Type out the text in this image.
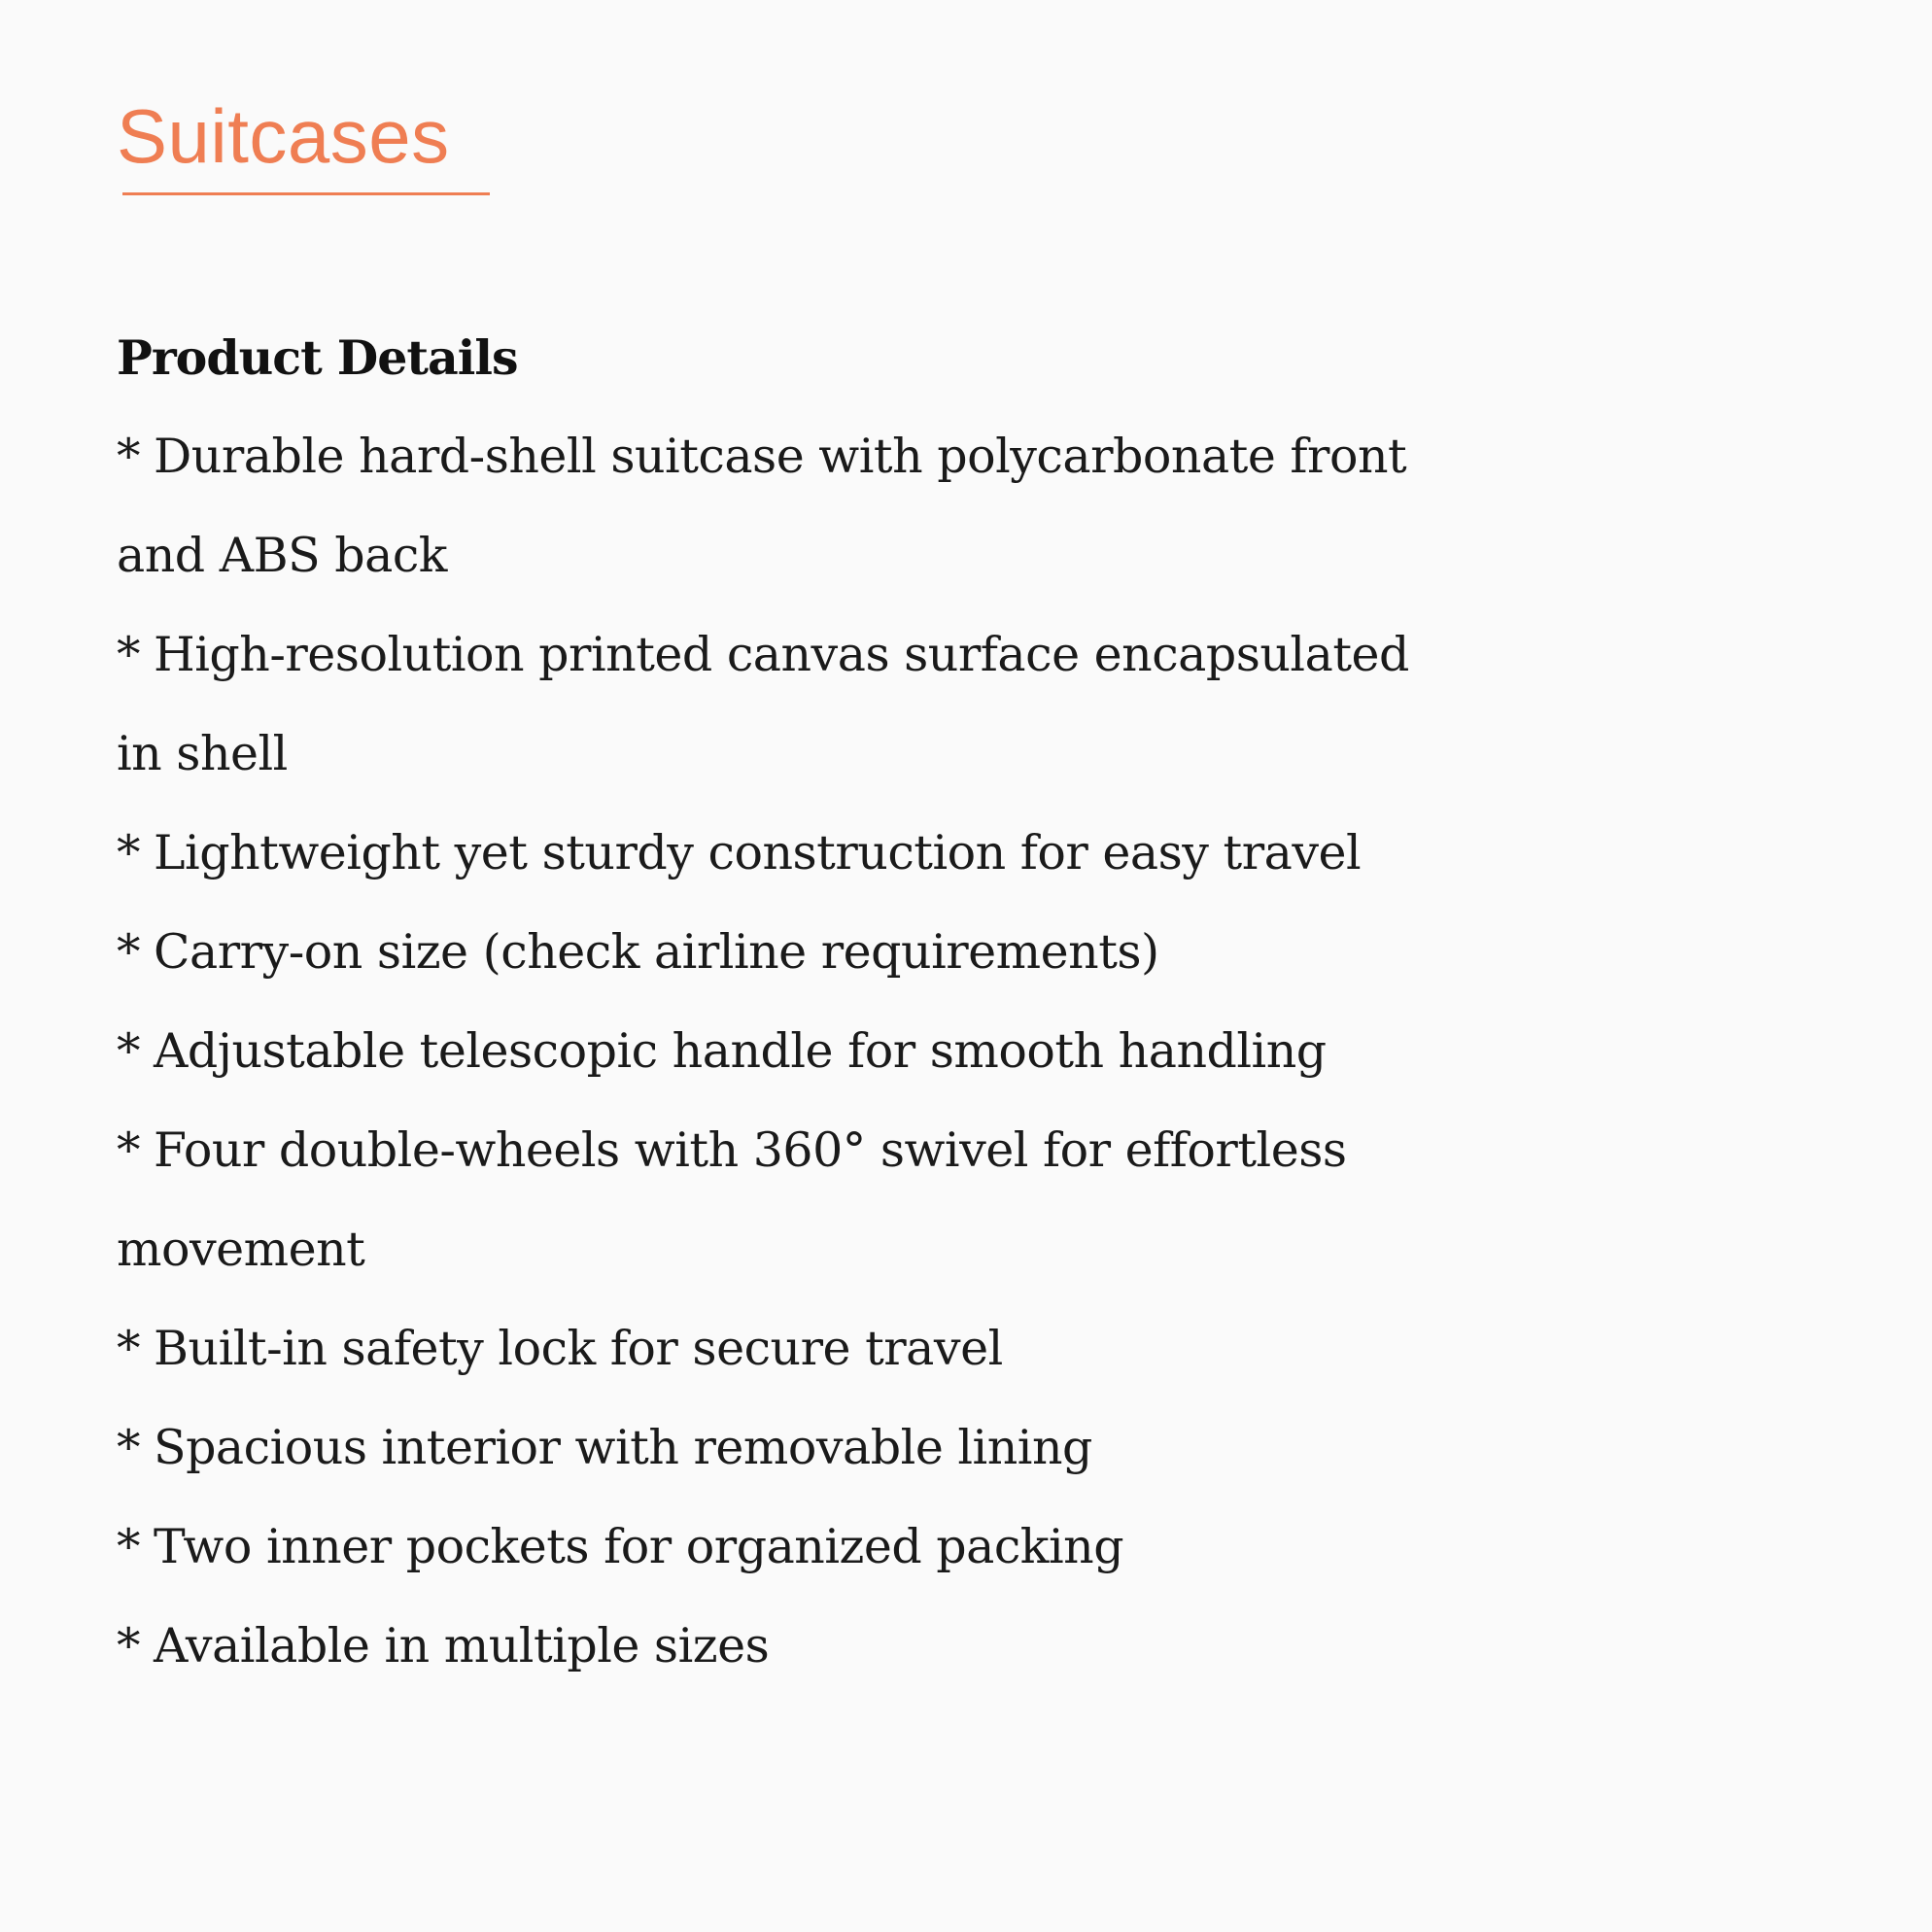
Suitcases
Product Details
* Durable hard-shell suitcase with polycarbonate front and ABS back
* High-resolution printed canvas surface encapsulated in shell
* Lightweight yet sturdy construction for easy travel
* Carry-on size (check airline requirements)
* Adjustable telescopic handle for smooth handling
* Four double-wheels with 360° swivel for effortless movement
* Built-in safety lock for secure travel
* Spacious interior with removable lining
* Two inner pockets for organized packing
* Available in multiple sizes
